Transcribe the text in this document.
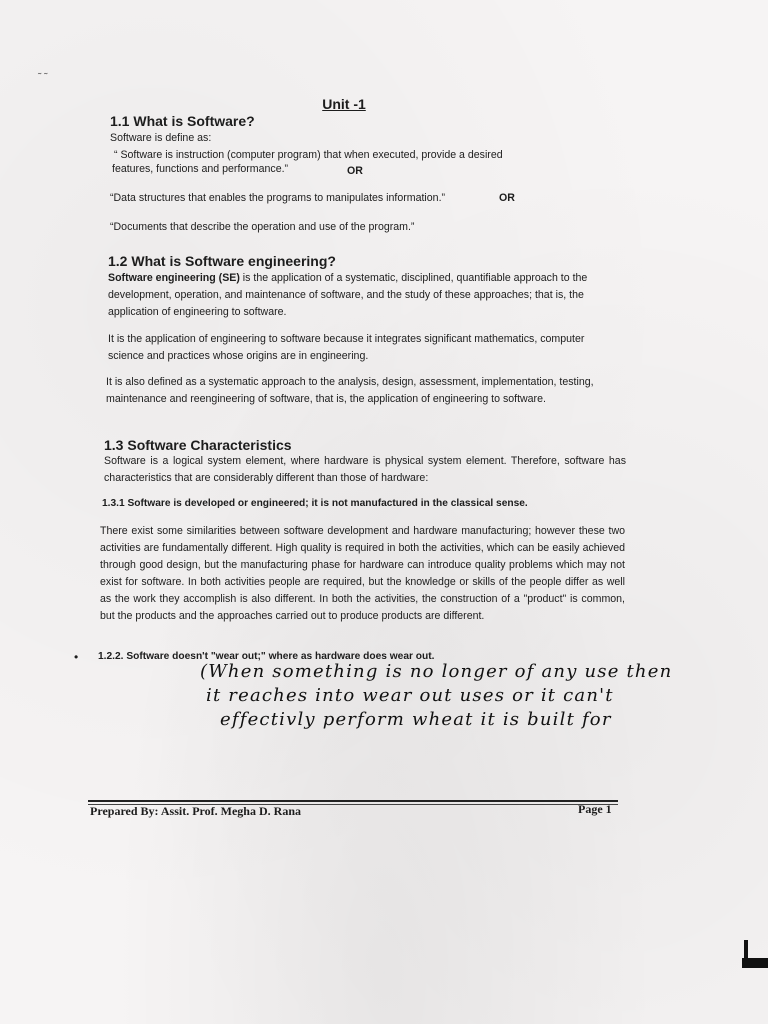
˜ ˜
Unit -1
1.1 What is Software?
Software is define as:
“ Software is instruction (computer program) that when executed, provide a desired
features, functions and performance.”	OR
“Data structures that enables the programs to manipulates information.”	OR
“Documents that describe the operation and use of the program.”
1.2 What is Software engineering?
Software engineering (SE) is the application of a systematic, disciplined, quantifiable approach to the development, operation, and maintenance of software, and the study of these approaches; that is, the application of engineering to software.
It is the application of engineering to software because it integrates significant mathematics, computer science and practices whose origins are in engineering.
It is also defined as a systematic approach to the analysis, design, assessment, implementation, testing, maintenance and reengineering of software, that is, the application of engineering to software.
1.3 Software Characteristics
Software is a logical system element, where hardware is physical system element. Therefore, software has characteristics that are considerably different than those of hardware:
1.3.1 Software is developed or engineered; it is not manufactured in the classical sense.
There exist some similarities between software development and hardware manufacturing; however these two activities are fundamentally different. High quality is required in both the activities, which can be easily achieved through good design, but the manufacturing phase for hardware can introduce quality problems which may not exist for software. In both activities people are required, but the knowledge or skills of the people differ as well as the work they accomplish is also different. In both the activities, the construction of a "product" is common, but the products and the approaches carried out to produce products are different.
• 1.2.2. Software doesn't "wear out;" where as hardware does wear out.
(When something is no longer of any use then
it reaches into wear out uses or it can't
effectivly perform wheat it is built for
Prepared By: Assit. Prof. Megha D. Rana	Page 1
